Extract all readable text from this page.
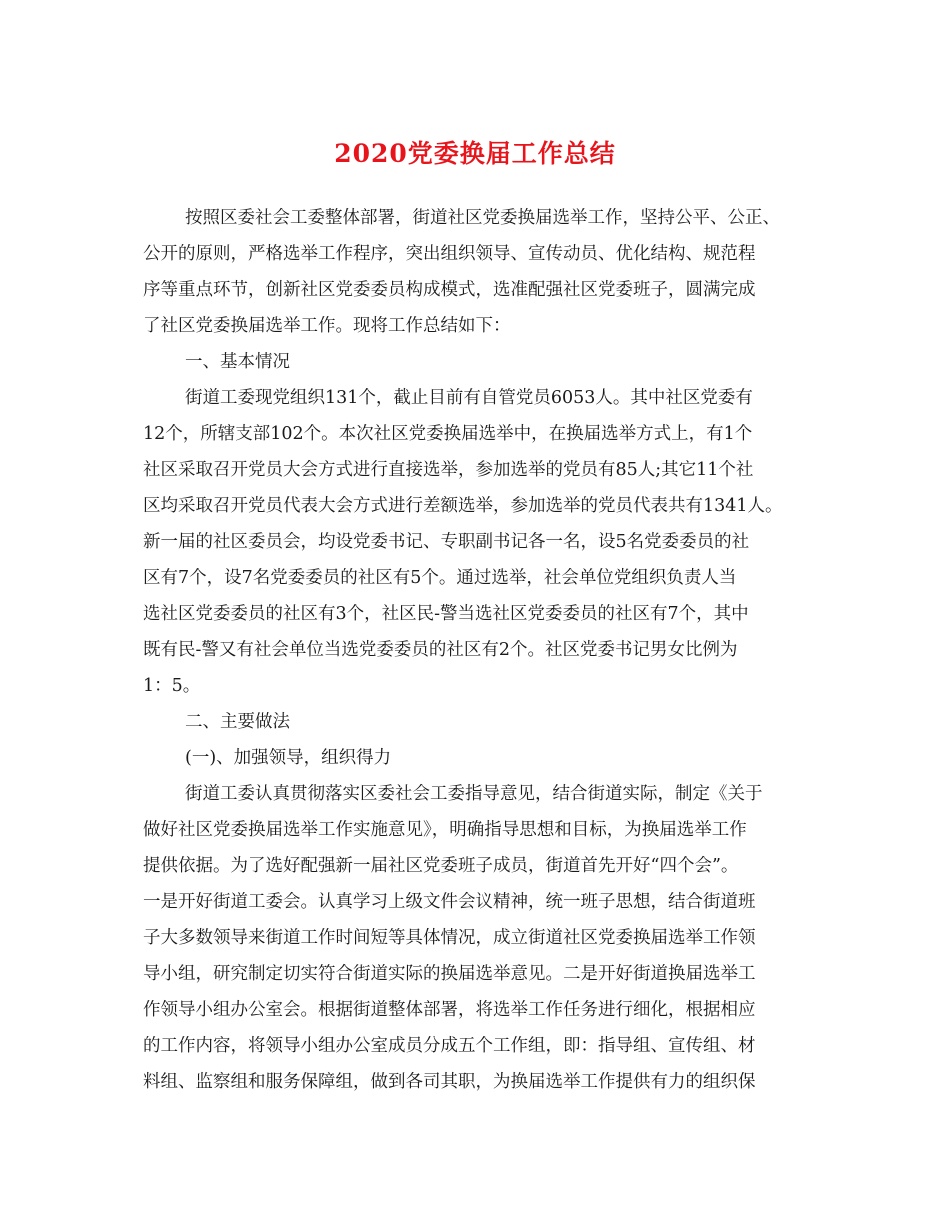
2020党委换届工作总结
按照区委社会工委整体部署，街道社区党委换届选举工作，坚持公平、公正、
公开的原则，严格选举工作程序，突出组织领导、宣传动员、优化结构、规范程
序等重点环节，创新社区党委委员构成模式，选准配强社区党委班子，圆满完成
了社区党委换届选举工作。现将工作总结如下：
一、基本情况
街道工委现党组织131个，截止目前有自管党员6053人。其中社区党委有
12个，所辖支部102个。本次社区党委换届选举中，在换届选举方式上，有1个
社区采取召开党员大会方式进行直接选举，参加选举的党员有85人;其它11个社
区均采取召开党员代表大会方式进行差额选举，参加选举的党员代表共有1341人。
新一届的社区委员会，均设党委书记、专职副书记各一名，设5名党委委员的社
区有7个，设7名党委委员的社区有5个。通过选举，社会单位党组织负责人当
选社区党委委员的社区有3个，社区民-警当选社区党委委员的社区有7个，其中
既有民-警又有社会单位当选党委委员的社区有2个。社区党委书记男女比例为
1：5。
二、主要做法
(一)、加强领导，组织得力
街道工委认真贯彻落实区委社会工委指导意见，结合街道实际，制定《关于
做好社区党委换届选举工作实施意见》，明确指导思想和目标，为换届选举工作
提供依据。为了选好配强新一届社区党委班子成员，街道首先开好“四个会”。
一是开好街道工委会。认真学习上级文件会议精神，统一班子思想，结合街道班
子大多数领导来街道工作时间短等具体情况，成立街道社区党委换届选举工作领
导小组，研究制定切实符合街道实际的换届选举意见。二是开好街道换届选举工
作领导小组办公室会。根据街道整体部署，将选举工作任务进行细化，根据相应
的工作内容，将领导小组办公室成员分成五个工作组，即：指导组、宣传组、材
料组、监察组和服务保障组，做到各司其职，为换届选举工作提供有力的组织保
